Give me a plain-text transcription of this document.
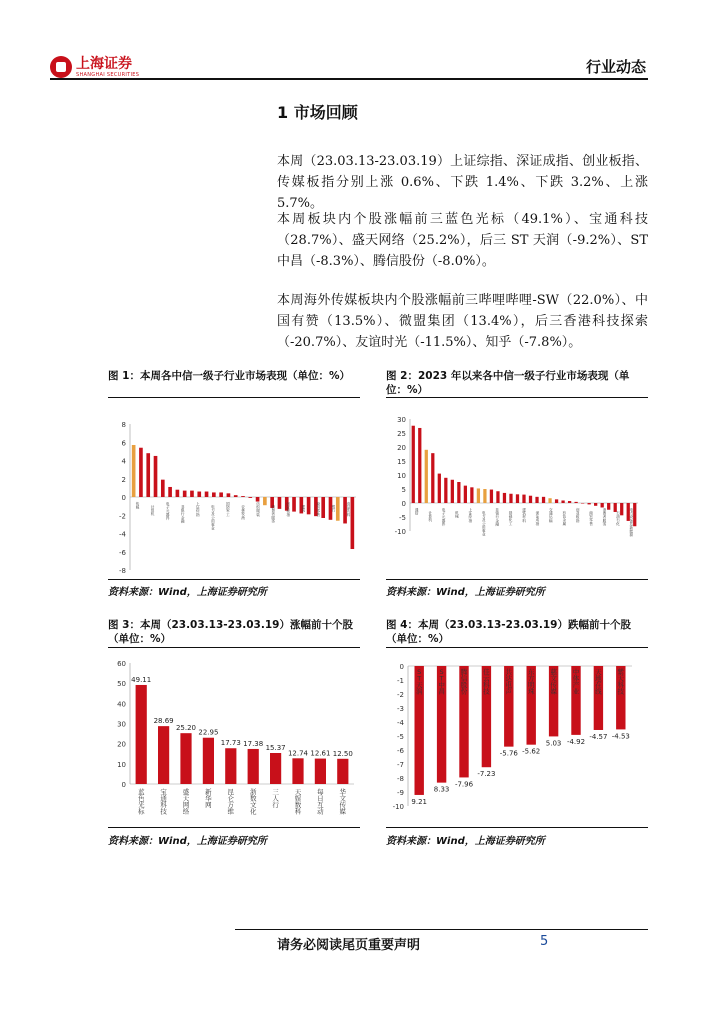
上海证券
SHANGHAI SECURITIES	行业动态
1 市场回顾
本周（23.03.13-23.03.19）上证综指、深证成指、创业板指、传媒板指分别上涨 0.6%、下跌 1.4%、下跌 3.2%、上涨 5.7%。
本周板块内个股涨幅前三蓝色光标（49.1%）、宝通科技（28.7%）、盛天网络（25.2%），后三 ST 天润（-9.2%）、ST 中昌（-8.3%）、腾信股份（-8.0%）。
本周海外传媒板块内个股涨幅前三哔哩哔哩-SW（22.0%）、中国有赞（13.5%）、微盟集团（13.4%），后三香港科技探索（-20.7%）、友谊时光（-11.5%）、知乎（-7.8%）。
图 1：本周各中信一级子行业市场表现（单位：%）
-8
-6
-4
-2
0
2
4
6
8
传媒	计算机
电子元器件
非银行金融
上证综指
电力及公用事业
国防军工
农林牧渔
纺织服装
消费者服务
创业板指
建筑
商贸零售
银行
食品饮料
资料来源：Wind，上海证券研究所
图 2：2023 年以来各中信一级子行业市场表现（单位：%）
-10
-5
0
5
10
15
20
25
30
通信	计算机
电子元器件
机械
上证综指
电力及公用事业
非银行金融
基础化工
建筑材料
深证成指
交通运输
有色金属
创业板指
商贸零售
消费者服务
石油石化
电力设备及新能源
资料来源：Wind，上海证券研究所
图 3：本周（23.03.13-23.03.19）涨幅前十个股（单位：%）
0
10
20
30
40
50
60
49.11
28.69
25.20
22.95
17.73 17.38
15.37
12.74 12.61 12.50
蓝色光标
宝通科技
盛天网络
新华网
昆仑万维
浙数文化
三人行
天娱数科
每日互动
华文传媒
资料来源：Wind，上海证券研究所
图 4：本周（23.03.13-23.03.19）跌幅前十个股（单位：%）
0
-1
-2
-3
-4
-5
-6
-7
-8
-9
-10
9.21
8.33
-7.96
-7.23
-5.76 -5.62
5.03 -4.92
-4.57 -4.53
S T 天润
S T 中昌
腾信股份
佳云科技
共达电声
东方明珠
慈文传媒
中体产业
天地在线
紫天科技
资料来源：Wind，上海证券研究所
请务必阅读尾页重要声明	5
